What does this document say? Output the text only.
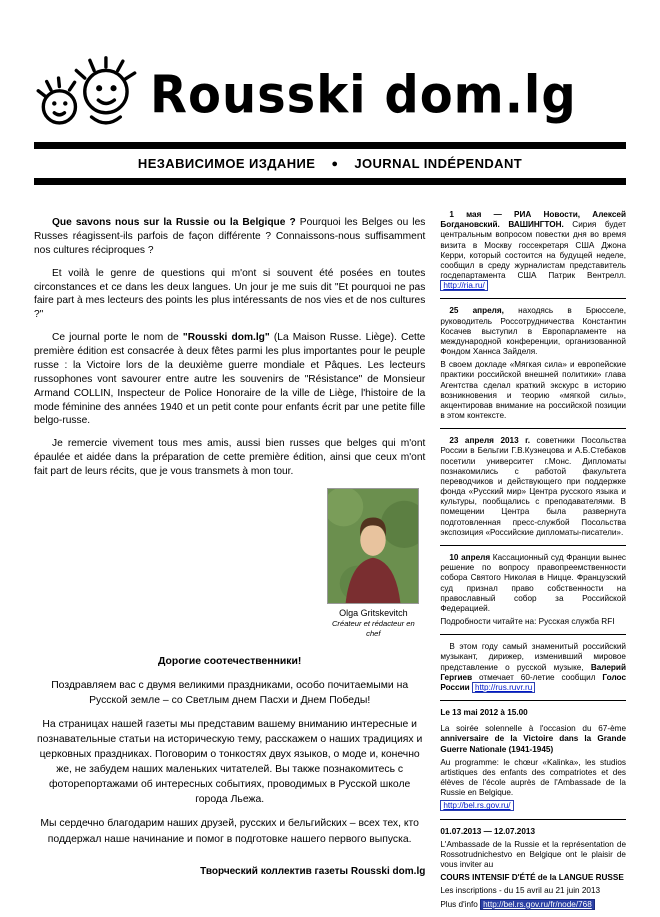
Rousski dom.lg
НЕЗАВИСИМОЕ ИЗДАНИЕ ● JOURNAL INDÉPENDANT

Que savons nous sur la Russie ou la Belgique ? Pourquoi les Belges ou les Russes réagissent-ils parfois de façon différente ? Connaissons-nous suffisamment nos cultures réciproques ?

Et voilà le genre de questions qui m'ont si souvent été posées en toutes circonstances et ce dans les deux langues. Un jour je me suis dit "Et pourquoi ne pas faire part à mes lecteurs des points les plus intéressants de nos vies et de nos cultures ?"

Ce journal porte le nom de "Rousski dom.lg" (La Maison Russe. Liège). Cette première édition est consacrée à deux fêtes parmi les plus importantes pour le peuple russe : la Victoire lors de la deuxième guerre mondiale et Pâques. Les lecteurs russophones vont savourer entre autre les souvenirs de "Résistance" de Monsieur Armand COLLIN, Inspecteur de Police Honoraire de la ville de Liège, l'histoire de la mode féminine des années 1940 et un petit conte pour enfants écrit par une petite fille belgo-russe.

Je remercie vivement tous mes amis, aussi bien russes que belges qui m'ont épaulée et aidée dans la préparation de cette première édition, ainsi que ceux m'ont fait part de leurs récits, que je vous transmets à mon tour.

Olga Gritskevitch
Créateur et rédacteur en chef

Дорогие соотечественники!

Поздравляем вас с двумя великими праздниками, особо почитаемыми на Русской земле – со Светлым днем Пасхи и Днем Победы!

На страницах нашей газеты мы представим вашему вниманию интересные и познавательные статьи на историческую тему, расскажем о наших традициях и церковных праздниках. Поговорим о тонкостях двух языков, о моде и, конечно же, не забудем наших маленьких читателей. Вы также познакомитесь с фоторепортажами об интересных событиях, проводимых в Русской школе города Льежа.

Мы сердечно благодарим наших друзей, русских и бельгийских – всех тех, кто поддержал наше начинание и помог в подготовке нашего первого выпуска.

Творческий коллектив газеты Rousski dom.lg

1 мая — РИА Новости, Алексей Богдановский. ВАШИНГТОН. Сирия будет центральным вопросом повестки дня во время визита в Москву госсекретаря США Джона Керри, который состоится на будущей неделе, сообщил в среду журналистам представитель госдепартамента США Патрик Вентрелл. http://ria.ru/

25 апреля, находясь в Брюсселе, руководитель Россотрудничества Константин Косачев выступил в Европарламенте на международной конференции, организованной Фондом Ханнса Зайделя.

В своем докладе «Мягкая сила» и европейские практики российской внешней политики» глава Агентства сделал краткий экскурс в историю возникновения и теорию «мягкой силы», акцентировав внимание на российской позиции в этом контексте.

23 апреля 2013 г. советники Посольства России в Бельгии Г.В.Кузнецова и А.Б.Стебаков посетили университет г.Монс. Дипломаты познакомились с работой факультета переводчиков и действующего при поддержке фонда «Русский мир» Центра русского языка и культуры, пообщались с преподавателями. В помещении Центра была развернута подготовленная пресс-службой Посольства экспозиция «Российские дипломаты-писатели».

10 апреля Кассационный суд Франции вынес решение по вопросу правопреемственности собора Святого Николая в Ницце. Французский суд признал право собственности на православный собор за Российской Федерацией.

Подробности читайте на: Русская служба RFI

В этом году самый знаменитый российский музыкант, дирижер, изменивший мировое представление о русской музыке, Валерий Гергиев отмечает 60-летие сообщил Голос России http://rus.ruvr.ru

Le 13 mai 2012 à 15.00

La soirée solennelle à l'occasion du 67-ème anniversaire de la Victoire dans la Grande Guerre Nationale (1941-1945)

Au programme: le chœur «Kalinka», les studios artistiques des enfants des compatriotes et des élèves de l'école auprès de l'Ambassade de la Russie en Belgique.

http://bel.rs.gov.ru/

01.07.2013 — 12.07.2013

L'Ambassade de la Russie et la représentation de Rossotrudnichestvo en Belgique ont le plaisir de vous inviter au

COURS INTENSIF D'ÉTÉ de la LANGUE RUSSE

Les inscriptions - du 15 avril au 21 juin 2013

Plus d'info http://bel.rs.gov.ru/fr/node/768
